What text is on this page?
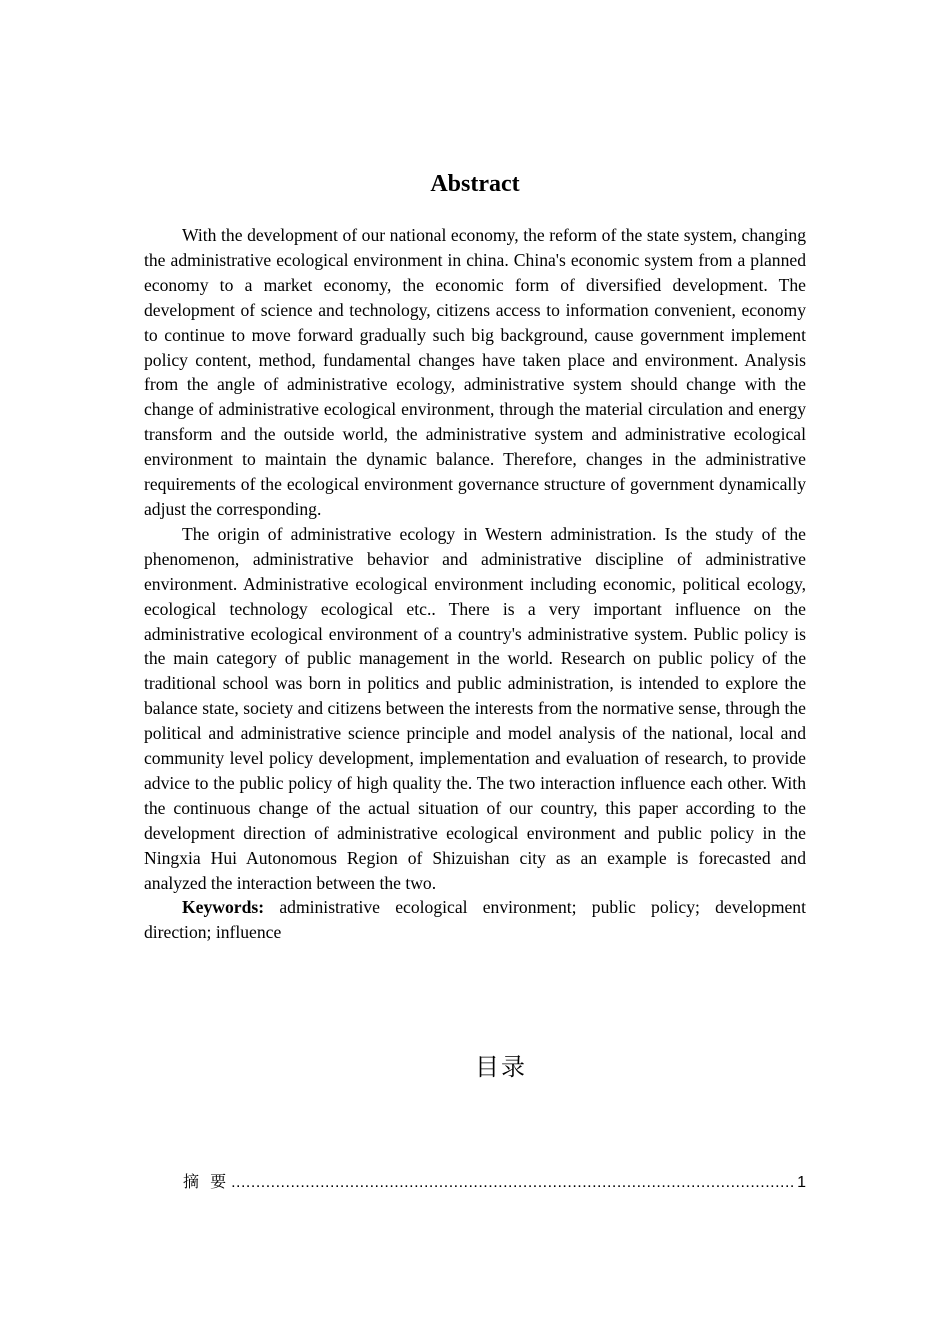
Abstract

With the development of our national economy, the reform of the state system, changing the administrative ecological environment in china. China's economic system from a planned economy to a market economy, the economic form of diversified development. The development of science and technology, citizens access to information convenient, economy to continue to move forward gradually such big background, cause government implement policy content, method, fundamental changes have taken place and environment. Analysis from the angle of administrative ecology, administrative system should change with the change of administrative ecological environment, through the material circulation and energy transform and the outside world, the administrative system and administrative ecological environment to maintain the dynamic balance. Therefore, changes in the administrative requirements of the ecological environment governance structure of government dynamically adjust the corresponding.

The origin of administrative ecology in Western administration. Is the study of the phenomenon, administrative behavior and administrative discipline of administrative environment. Administrative ecological environment including economic, political ecology, ecological technology ecological etc.. There is a very important influence on the administrative ecological environment of a country's administrative system. Public policy is the main category of public management in the world. Research on public policy of the traditional school was born in politics and public administration, is intended to explore the balance state, society and citizens between the interests from the normative sense, through the political and administrative science principle and model analysis of the national, local and community level policy development, implementation and evaluation of research, to provide advice to the public policy of high quality the. The two interaction influence each other. With the continuous change of the actual situation of our country, this paper according to the development direction of administrative ecological environment and public policy in the Ningxia Hui Autonomous Region of Shizuishan city as an example is forecasted and analyzed the interaction between the two.

Keywords: administrative ecological environment; public policy; development direction; influence

目录
摘 要
.....	1
